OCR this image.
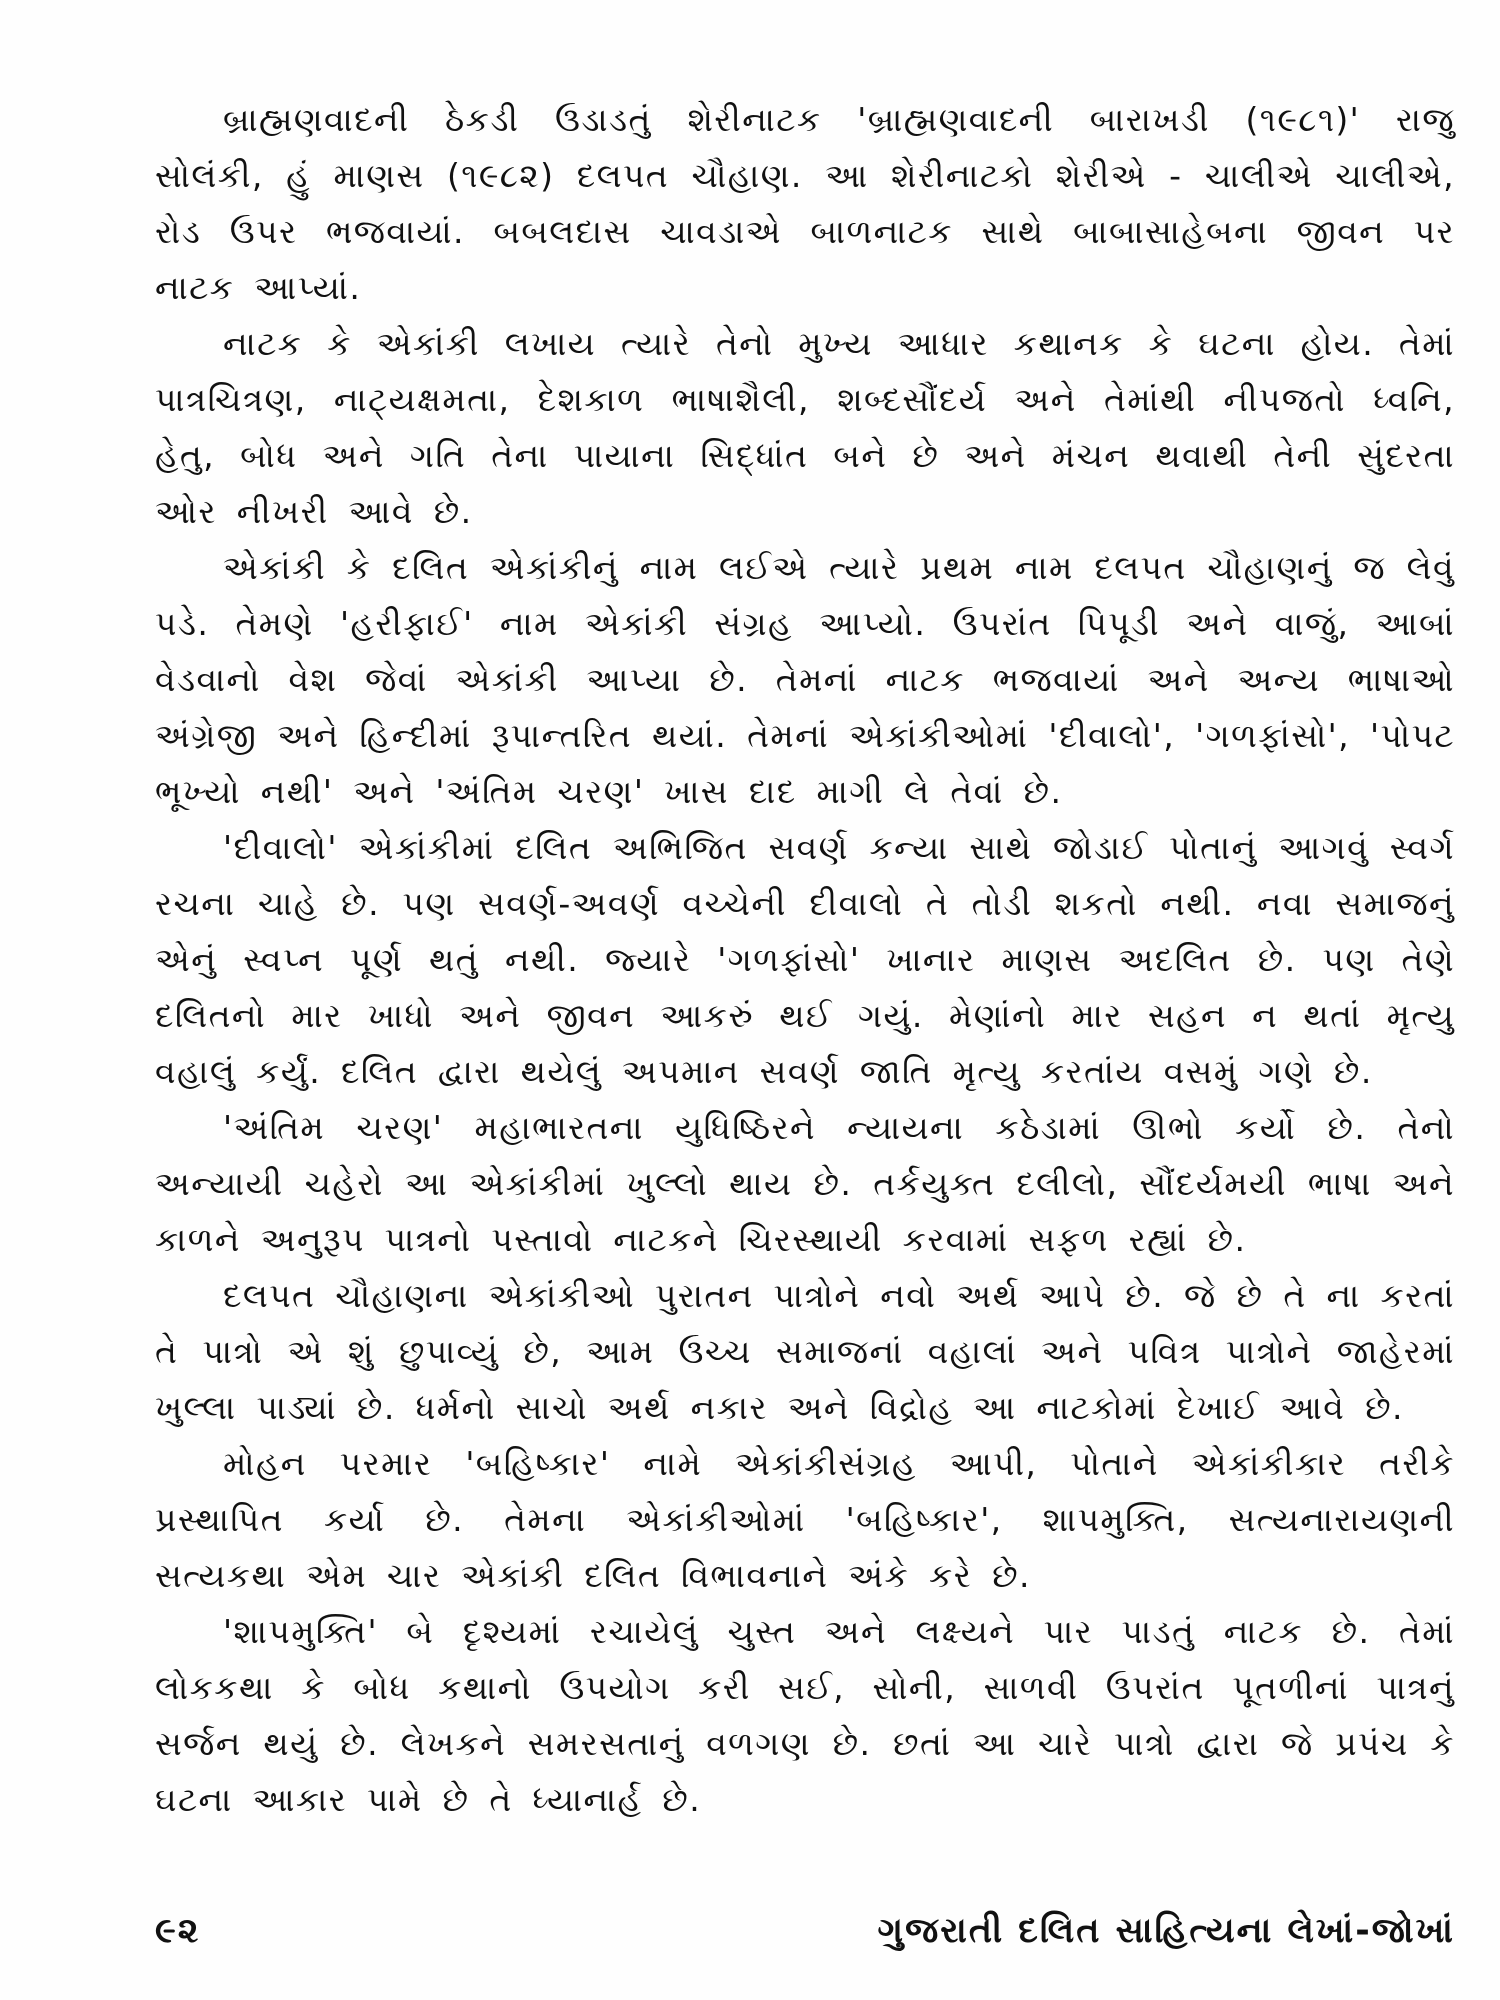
બ્રાહ્મણવાદની ઠેકડી ઉડાડતું શેરીનાટક 'બ્રાહ્મણવાદની બારાખડી (૧૯૮૧)' રાજુ સોલંકી, હું માણસ (૧૯૮૨) દલપત ચૌહાણ. આ શેરીનાટકો શેરીએ - ચાલીએ ચાલીએ, રોડ ઉપર ભજવાયાં. બબલદાસ ચાવડાએ બાળનાટક સાથે બાબાસાહેબના જીવન પર નાટક આપ્યાં.

નાટક કે એકાંકી લખાય ત્યારે તેનો મુખ્ય આધાર કથાનક કે ઘટના હોય. તેમાં પાત્રચિત્રણ, નાટ્યક્ષમતા, દેશકાળ ભાષાશૈલી, શબ્દસૌંદર્ય અને તેમાંથી નીપજતો ધ્વનિ, હેતુ, બોધ અને ગતિ તેના પાયાના સિદ્ધાંત બને છે અને મંચન થવાથી તેની સુંદરતા ઓર નીખરી આવે છે.

એકાંકી કે દલિત એકાંકીનું નામ લઈએ ત્યારે પ્રથમ નામ દલપત ચૌહાણનું જ લેવું પડે. તેમણે 'હરીફાઈ' નામ એકાંકી સંગ્રહ આપ્યો. ઉપરાંત પિપૂડી અને વાજું, આબાં વેડવાનો વેશ જેવાં એકાંકી આપ્યા છે. તેમનાં નાટક ભજવાયાં અને અન્ય ભાષાઓ અંગ્રેજી અને હિન્દીમાં રૂપાન્તરિત થયાં. તેમનાં એકાંકીઓમાં 'દીવાલો', 'ગળફાંસો', 'પોપટ ભૂખ્યો નથી' અને 'અંતિમ ચરણ' ખાસ દાદ માગી લે તેવાં છે.

'દીવાલો' એકાંકીમાં દલિત અભિજિત સવર્ણ કન્યા સાથે જોડાઈ પોતાનું આગવું સ્વર્ગ રચના ચાહે છે. પણ સવર્ણ-અવર્ણ વચ્ચેની દીવાલો તે તોડી શકતો નથી. નવા સમાજનું એનું સ્વપ્ન પૂર્ણ થતું નથી. જ્યારે 'ગળફાંસો' ખાનાર માણસ અદલિત છે. પણ તેણે દલિતનો માર ખાધો અને જીવન આકરું થઈ ગયું. મેણાંનો માર સહન ન થતાં મૃત્યુ વહાલું કર્યું. દલિત દ્વારા થયેલું અપમાન સવર્ણ જાતિ મૃત્યુ કરતાંય વસમું ગણે છે.

'અંતિમ ચરણ' મહાભારતના યુધિષ્ઠિરને ન્યાયના કઠેડામાં ઊભો કર્યો છે. તેનો અન્યાયી ચહેરો આ એકાંકીમાં ખુલ્લો થાય છે. તર્કયુક્ત દલીલો, સૌંદર્યમયી ભાષા અને કાળને અનુરૂપ પાત્રનો પસ્તાવો નાટકને ચિરસ્થાયી કરવામાં સફળ રહ્યાં છે.

દલપત ચૌહાણના એકાંકીઓ પુરાતન પાત્રોને નવો અર્થ આપે છે. જે છે તે ના કરતાં તે પાત્રો એ શું છુપાવ્યું છે, આમ ઉચ્ચ સમાજનાં વહાલાં અને પવિત્ર પાત્રોને જાહેરમાં ખુલ્લા પાડ્યાં છે. ધર્મનો સાચો અર્થ નકાર અને વિદ્રોહ આ નાટકોમાં દેખાઈ આવે છે.

મોહન પરમાર 'બહિષ્કાર' નામે એકાંકીસંગ્રહ આપી, પોતાને એકાંકીકાર તરીકે પ્રસ્થાપિત કર્યા છે. તેમના એકાંકીઓમાં 'બહિષ્કાર', શાપમુક્તિ, સત્યનારાયણની સત્યકથા એમ ચાર એકાંકી દલિત વિભાવનાને અંકે કરે છે.

'શાપમુક્તિ' બે દૃશ્યમાં રચાયેલું ચુસ્ત અને લક્ષ્યને પાર પાડતું નાટક છે. તેમાં લોકકથા કે બોધ કથાનો ઉપયોગ કરી સઈ, સોની, સાળવી ઉપરાંત પૂતળીનાં પાત્રનું સર્જન થયું છે. લેખકને સમરસતાનું વળગણ છે. છતાં આ ચારે પાત્રો દ્વારા જે પ્રપંચ કે ઘટના આકાર પામે છે તે ધ્યાનાર્હ છે.

૯૨	ગુજરાતી દલિત સાહિત્યના લેખાં-જોખાં
